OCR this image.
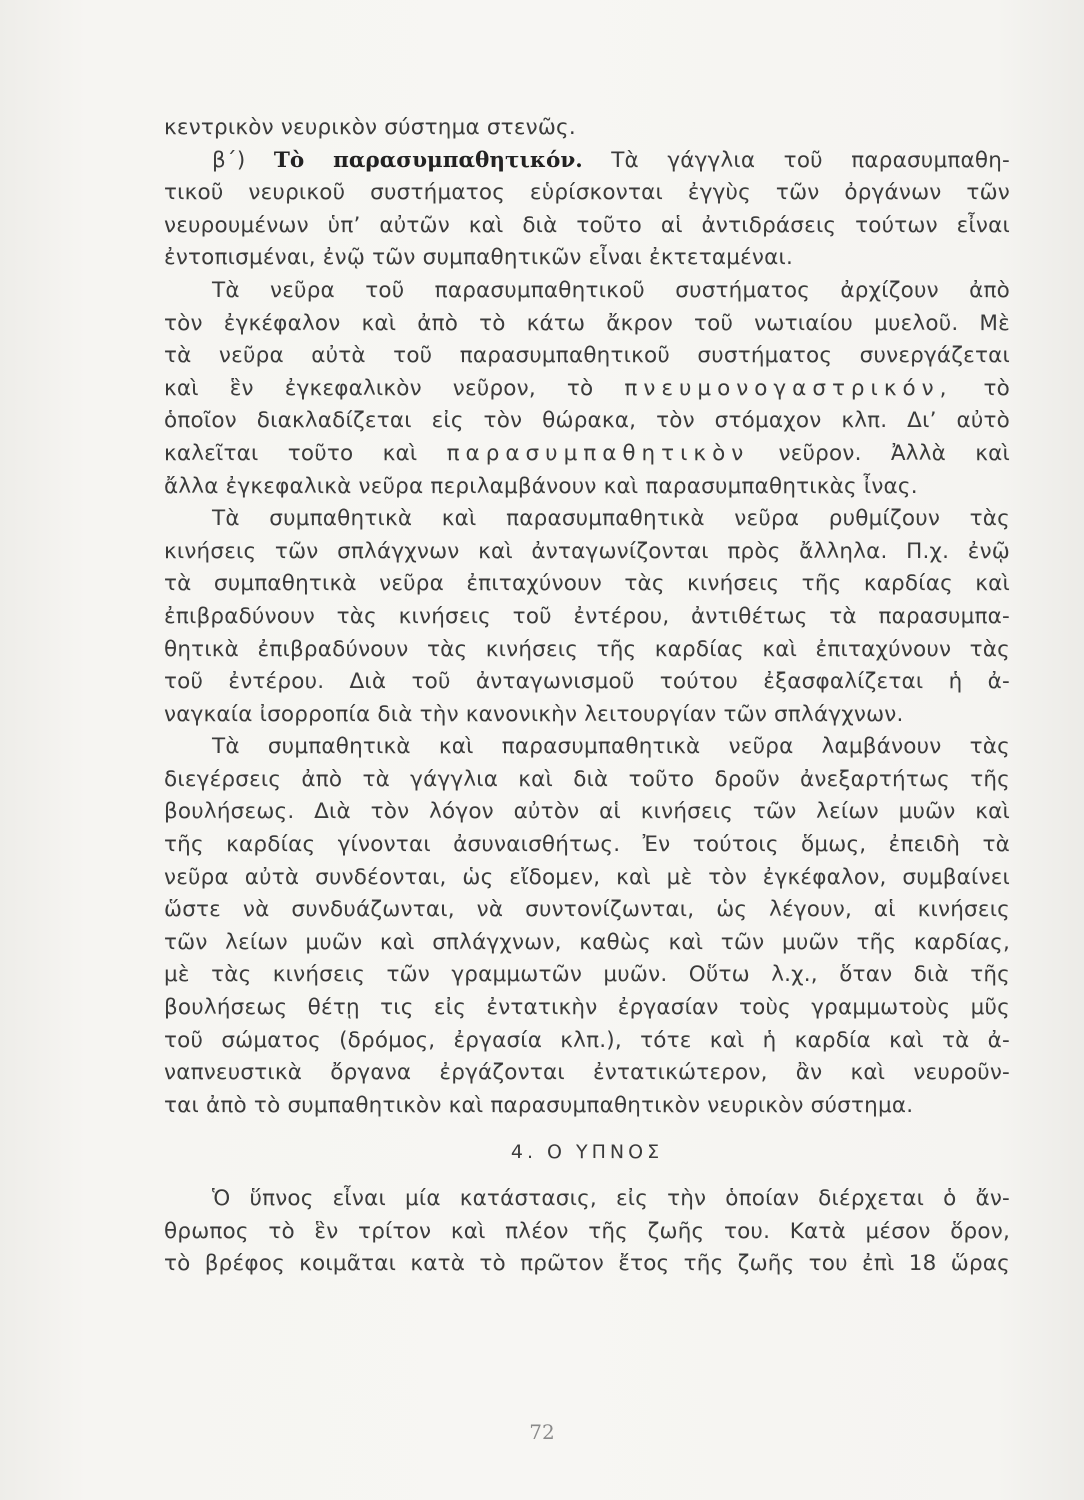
κεντρικὸν νευρικὸν σύστημα στενῶς.
β΄) Τὸ παρασυμπαθητικόν. Τὰ γάγγλια τοῦ παρασυμπαθη-
τικοῦ νευρικοῦ συστήματος εὑρίσκονται ἐγγὺς τῶν ὀργάνων τῶν
νευρουμένων ὑπ’ αὐτῶν καὶ διὰ τοῦτο αἱ ἀντιδράσεις τούτων εἶναι
ἐντοπισμέναι, ἐνῷ τῶν συμπαθητικῶν εἶναι ἐκτεταμέναι.
Τὰ νεῦρα τοῦ παρασυμπαθητικοῦ συστήματος ἀρχίζουν ἀπὸ
τὸν ἐγκέφαλον καὶ ἀπὸ τὸ κάτω ἄκρον τοῦ νωτιαίου μυελοῦ. Μὲ
τὰ νεῦρα αὐτὰ τοῦ παρασυμπαθητικοῦ συστήματος συνεργάζεται
καὶ ἓν ἐγκεφαλικὸν νεῦρον, τὸ πνευμονογαστρικόν, τὸ
ὁποῖον διακλαδίζεται εἰς τὸν θώρακα, τὸν στόμαχον κλπ. Δι’ αὐτὸ
καλεῖται τοῦτο καὶ παρασυμπαθητικὸν νεῦρον. Ἀλλὰ καὶ
ἄλλα ἐγκεφαλικὰ νεῦρα περιλαμβάνουν καὶ παρασυμπαθητικὰς ἶνας.
Τὰ συμπαθητικὰ καὶ παρασυμπαθητικὰ νεῦρα ρυθμίζουν τὰς
κινήσεις τῶν σπλάγχνων καὶ ἀνταγωνίζονται πρὸς ἄλληλα. Π.χ. ἐνῷ
τὰ συμπαθητικὰ νεῦρα ἐπιταχύνουν τὰς κινήσεις τῆς καρδίας καὶ
ἐπιβραδύνουν τὰς κινήσεις τοῦ ἐντέρου, ἀντιθέτως τὰ παρασυμπα-
θητικὰ ἐπιβραδύνουν τὰς κινήσεις τῆς καρδίας καὶ ἐπιταχύνουν τὰς
τοῦ ἐντέρου. Διὰ τοῦ ἀνταγωνισμοῦ τούτου ἐξασφαλίζεται ἡ ἀ-
ναγκαία ἰσορροπία διὰ τὴν κανονικὴν λειτουργίαν τῶν σπλάγχνων.
Τὰ συμπαθητικὰ καὶ παρασυμπαθητικὰ νεῦρα λαμβάνουν τὰς
διεγέρσεις ἀπὸ τὰ γάγγλια καὶ διὰ τοῦτο δροῦν ἀνεξαρτήτως τῆς
βουλήσεως. Διὰ τὸν λόγον αὐτὸν αἱ κινήσεις τῶν λείων μυῶν καὶ
τῆς καρδίας γίνονται ἀσυναισθήτως. Ἐν τούτοις ὅμως, ἐπειδὴ τὰ
νεῦρα αὐτὰ συνδέονται, ὡς εἴδομεν, καὶ μὲ τὸν ἐγκέφαλον, συμβαίνει
ὥστε νὰ συνδυάζωνται, νὰ συντονίζωνται, ὡς λέγουν, αἱ κινήσεις
τῶν λείων μυῶν καὶ σπλάγχνων, καθὼς καὶ τῶν μυῶν τῆς καρδίας,
μὲ τὰς κινήσεις τῶν γραμμωτῶν μυῶν. Οὕτω λ.χ., ὅταν διὰ τῆς
βουλήσεως θέτῃ τις εἰς ἐντατικὴν ἐργασίαν τοὺς γραμμωτοὺς μῦς
τοῦ σώματος (δρόμος, ἐργασία κλπ.), τότε καὶ ἡ καρδία καὶ τὰ ἀ-
ναπνευστικὰ ὄργανα ἐργάζονται ἐντατικώτερον, ἂν καὶ νευροῦν-
ται ἀπὸ τὸ συμπαθητικὸν καὶ παρασυμπαθητικὸν νευρικὸν σύστημα.
4. Ο ΥΠΝΟΣ
Ὁ ὕπνος εἶναι μία κατάστασις, εἰς τὴν ὁποίαν διέρχεται ὁ ἄν-
θρωπος τὸ ἓν τρίτον καὶ πλέον τῆς ζωῆς του. Κατὰ μέσον ὅρον,
τὸ βρέφος κοιμᾶται κατὰ τὸ πρῶτον ἔτος τῆς ζωῆς του ἐπὶ 18 ὥρας
72
